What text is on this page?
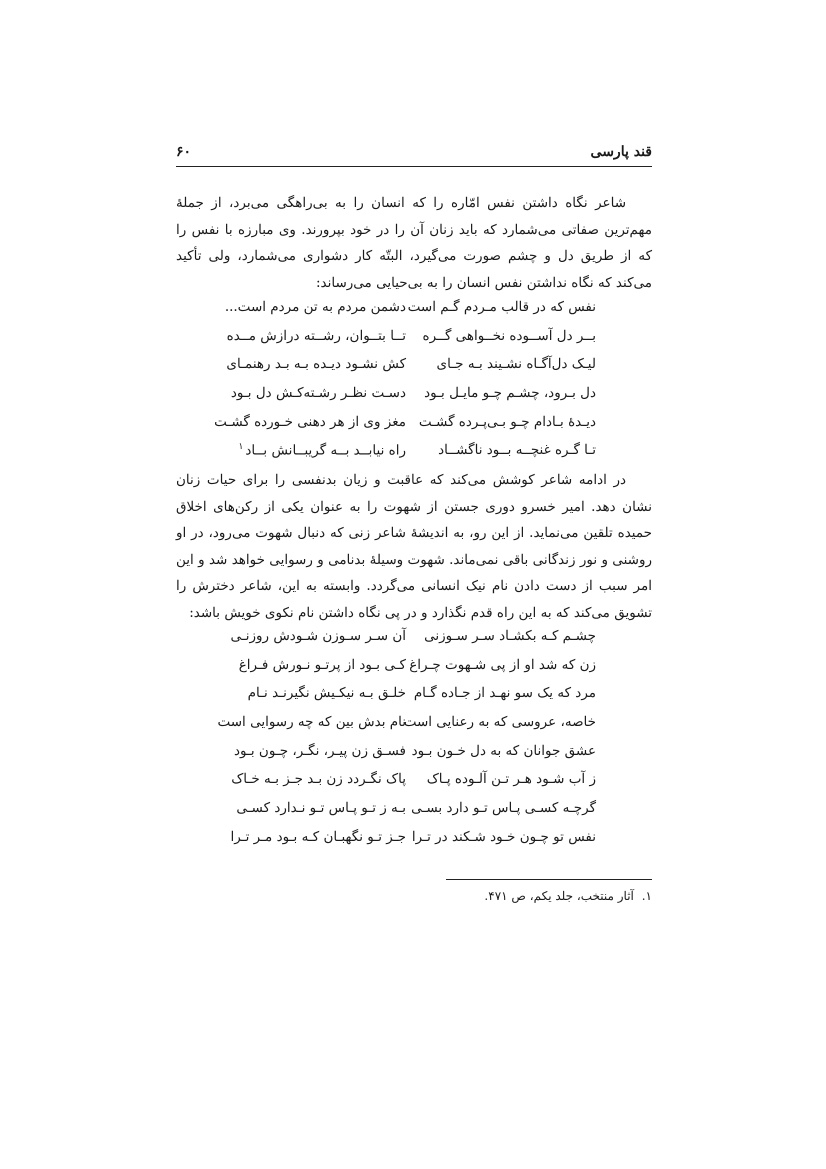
قند پارسی
۶۰

شاعر نگاه داشتن نفس امّاره را که انسان را به بی‌راهگی می‌برد، از جملهٔ مهم‌ترین صفاتی می‌شمارد که باید زنان آن را در خود بپرورند. وی مبارزه با نفس را که از طریق دل و چشم صورت می‌گیرد، البتّه کار دشواری می‌شمارد، ولی تأکید می‌کند که نگاه نداشتن نفس انسان را به بی‌حیایی می‌رساند:

نفس که در قالب مـردم گـم است
دشمن مردم به تن مردم است...
بــر دل آســوده نخــواهی گــره
تــا بتــوان، رشــته درازش مــده
لیـک دل‌آگـاه نشـیند بـه جـای
کش نشـود دیـده بـه بـد رهنمـای
دل بـرود، چشـم چـو مایـل بـود
دسـت نظـر رشـته‌کـش دل بـود
دیـدهٔ بـادام چـو بـی‌پـرده گشـت
مغز وی از هر دهنی خـورده گشـت
تـا گـره غنچــه بــود ناگشــاد
راه نیابــد بــه گریبــانش بــاد$^۱$

در ادامه شاعر کوشش می‌کند که عاقبت و زیان بدنفسی را برای حیات زنان نشان دهد. امیر خسرو دوری جستن از شهوت را به عنوان یکی از رکن‌های اخلاق حمیده تلقین می‌نماید. از این رو، به اندیشهٔ شاعر زنی که دنبال شهوت می‌رود، در او روشنی و نور زندگانی باقی نمی‌ماند. شهوت وسیلهٔ بدنامی و رسوایی خواهد شد و این امر سبب از دست دادن نام نیک انسانی می‌گردد. وابسته به این، شاعر دخترش را تشویق می‌کند که به این راه قدم نگذارد و در پی نگاه داشتن نام نکوی خویش باشد:

چشـم کـه بکشـاد سـر سـوزنی
آن سـر سـوزن شـودش روزنـی
زن که شد او از پی شـهوت چـراغ
کـی بـود از پرتـو نـورش فـراغ
مرد که یک سو نهـد از جـاده گـام
خلـق بـه نیکـیش نگیرنـد نـام
خاصه، عروسی که به رعنایی است
نام بدش بین که چه رسوایی است
عشق جوانان که به دل خـون بـود
فسـق زن پیـر، نگـر، چـون بـود
ز آب شـود هـر تـن آلـوده پـاک
پاک نگـردد زن بـد جـز بـه خـاک
گرچـه کسـی پـاس تـو دارد بسـی
بـه ز تـو پـاس تـو نـدارد کسـی
نفس تو چـون خـود شـکند در تـرا
جـز تـو نگهبـان کـه بـود مـر تـرا
۱. آثار منتخب، جلد یکم، ص ۴۷۱.
